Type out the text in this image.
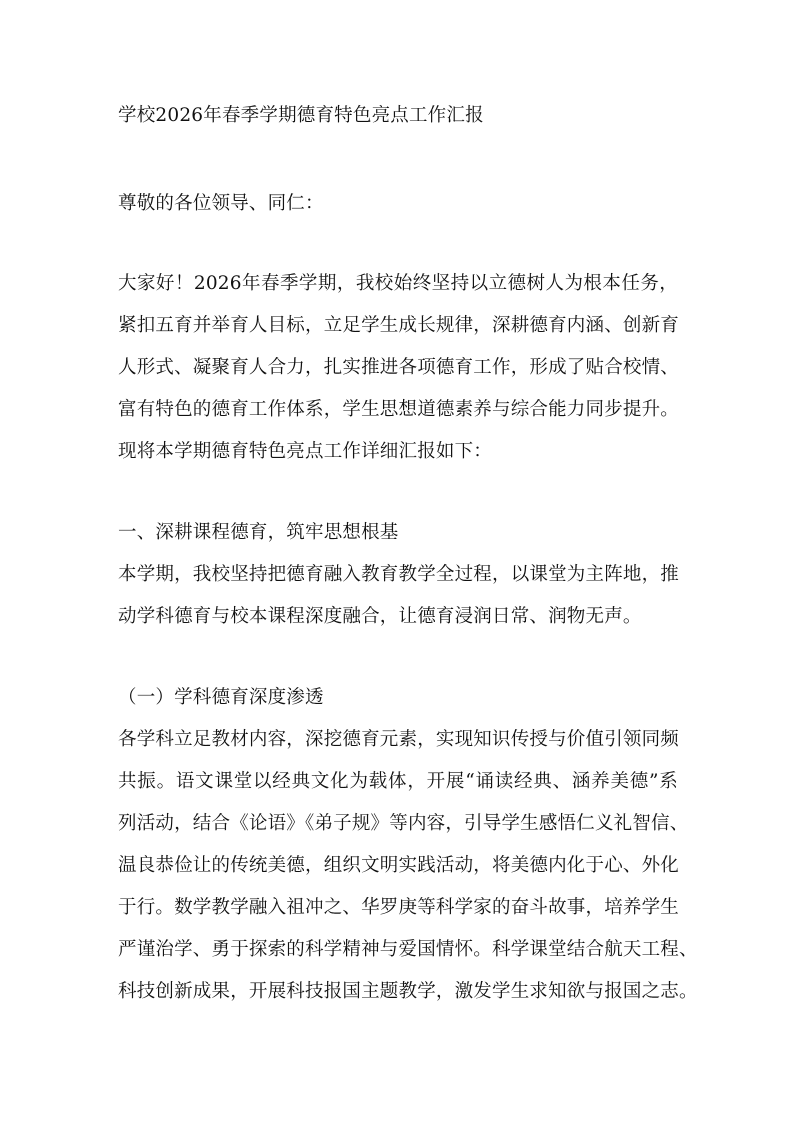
学校2026年春季学期德育特色亮点工作汇报
尊敬的各位领导、同仁：
大家好！2026年春季学期，我校始终坚持以立德树人为根本任务，
紧扣五育并举育人目标，立足学生成长规律，深耕德育内涵、创新育
人形式、凝聚育人合力，扎实推进各项德育工作，形成了贴合校情、
富有特色的德育工作体系，学生思想道德素养与综合能力同步提升。
现将本学期德育特色亮点工作详细汇报如下：
一、深耕课程德育，筑牢思想根基
本学期，我校坚持把德育融入教育教学全过程，以课堂为主阵地，推
动学科德育与校本课程深度融合，让德育浸润日常、润物无声。
（一）学科德育深度渗透
各学科立足教材内容，深挖德育元素，实现知识传授与价值引领同频
共振。语文课堂以经典文化为载体，开展“诵读经典、涵养美德”系
列活动，结合《论语》《弟子规》等内容，引导学生感悟仁义礼智信、
温良恭俭让的传统美德，组织文明实践活动，将美德内化于心、外化
于行。数学教学融入祖冲之、华罗庚等科学家的奋斗故事，培养学生
严谨治学、勇于探索的科学精神与爱国情怀。科学课堂结合航天工程、
科技创新成果，开展科技报国主题教学，激发学生求知欲与报国之志。
